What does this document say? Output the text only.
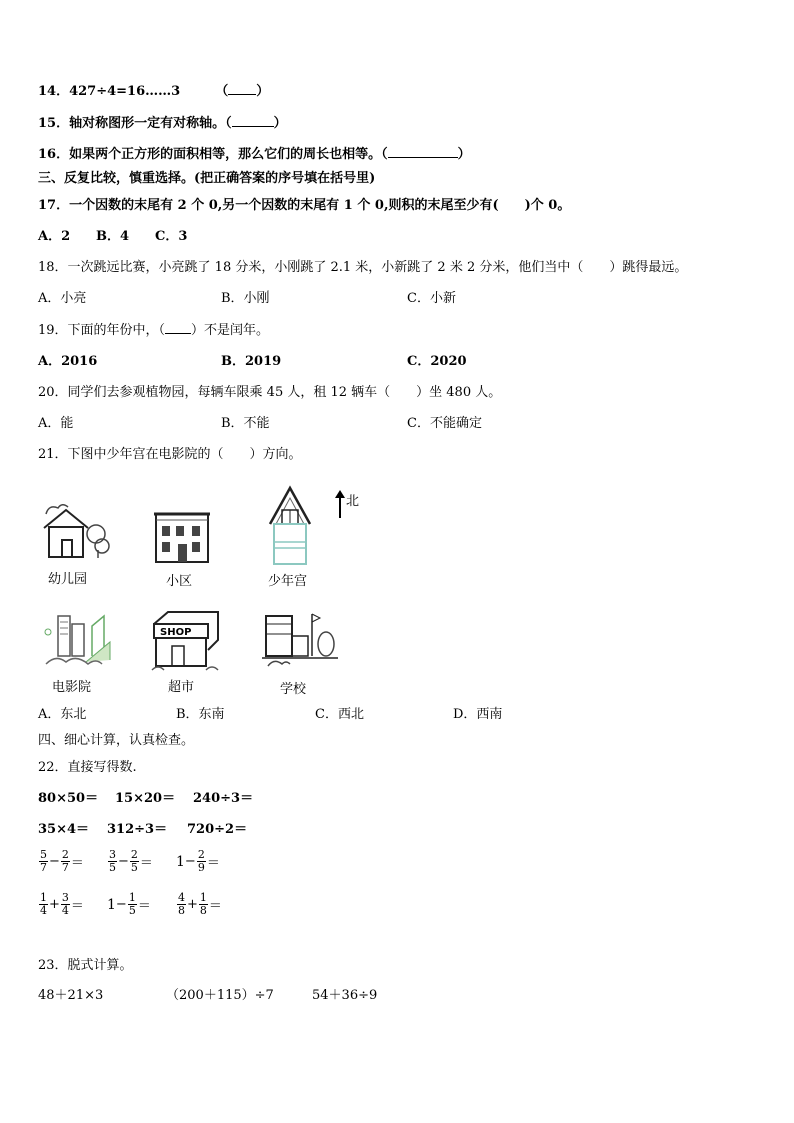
14．427÷4=16……3	（ ）
15．轴对称图形一定有对称轴。（	）
16．如果两个正方形的面积相等，那么它们的周长也相等。（	）
三、反复比较，慎重选择。(把正确答案的序号填在括号里)
17．一个因数的末尾有 2 个 0,另一个因数的末尾有 1 个 0,则积的末尾至少有(　　)个 0。
A．2 B．4 C．3
18．一次跳远比赛，小亮跳了 18 分米，小刚跳了 2.1 米，小新跳了 2 米 2 分米，他们当中（　　）跳得最远。
A．小亮	B．小刚	C．小新
19．下面的年份中，（ ）不是闰年。
A．2016	B．2019	C．2020
20．同学们去参观植物园，每辆车限乘 45 人，租 12 辆车（　　）坐 480 人。
A．能	B．不能	C．不能确定
21．下图中少年宫在电影院的（　　）方向。
北
幼儿园	小区	少年宫
电影院
SHOP
超市	学校
A．东北	B．东南	C．西北	D．西南
四、细心计算，认真检查。
22．直接写得数.
80×50＝ 15×20＝ 240÷3＝
35×4＝ 312÷3＝ 720÷2＝
$\frac{5}{7} - \frac{2}{7} = \frac{3}{5} - \frac{2}{5} = 1 - \frac{2}{9}$ ＝
$\frac{1}{4} + \frac{3}{4} = 1 - \frac{1}{5} = \frac{4}{8} + \frac{1}{8}$ ＝
23．脱式计算。
48＋21×3	（200＋115）÷7	54＋36÷9
